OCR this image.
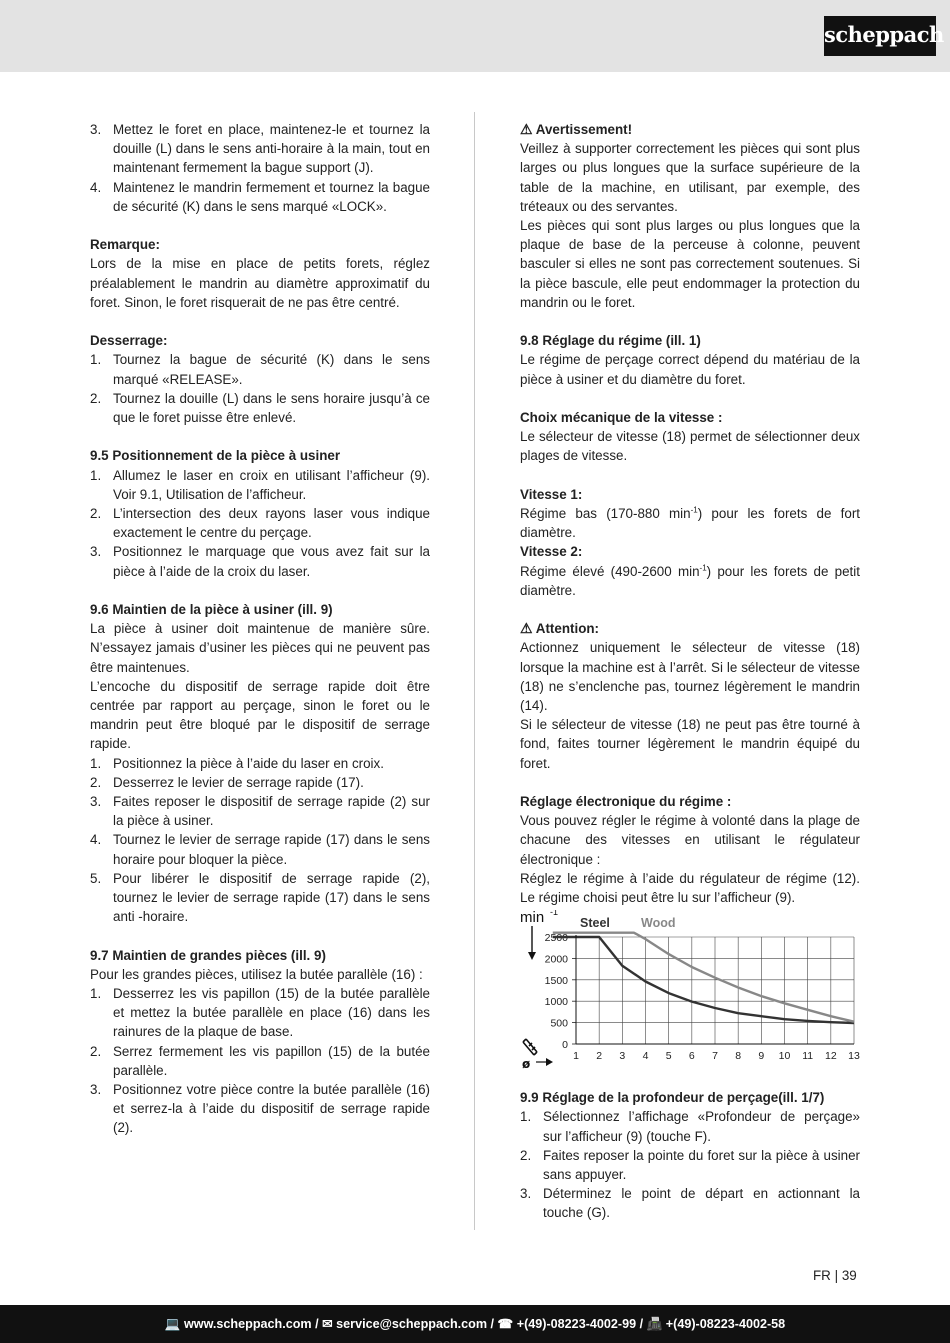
scheppach
3. Mettez le foret en place, maintenez-le et tournez la douille (L) dans le sens anti-horaire à la main, tout en maintenant fermement la bague support (J).
4. Maintenez le mandrin fermement et tournez la bague de sécurité (K) dans le sens marqué «LOCK».

Remarque:

Lors de la mise en place de petits forets, réglez préalablement le mandrin au diamètre approximatif du foret. Sinon, le foret risquerait de ne pas être centré.

Desserrage:

1. Tournez la bague de sécurité (K) dans le sens marqué «RELEASE».
2. Tournez la douille (L) dans le sens horaire jusqu’à ce que le foret puisse être enlevé.

9.5 Positionnement de la pièce à usiner

1. Allumez le laser en croix en utilisant l’afficheur (9). Voir 9.1, Utilisation de l’afficheur.
2. L’intersection des deux rayons laser vous indique exactement le centre du perçage.
3. Positionnez le marquage que vous avez fait sur la pièce à l’aide de la croix du laser.

9.6 Maintien de la pièce à usiner (ill. 9)

La pièce à usiner doit maintenue de manière sûre. N’essayez jamais d’usiner les pièces qui ne peuvent pas être maintenues.

L’encoche du dispositif de serrage rapide doit être centrée par rapport au perçage, sinon le foret ou le mandrin peut être bloqué par le dispositif de serrage rapide.

1. Positionnez la pièce à l’aide du laser en croix.
2. Desserrez le levier de serrage rapide (17).
3. Faites reposer le dispositif de serrage rapide (2) sur la pièce à usiner.
4. Tournez le levier de serrage rapide (17) dans le sens horaire pour bloquer la pièce.
5. Pour libérer le dispositif de serrage rapide (2), tournez le levier de serrage rapide (17) dans le sens anti -horaire.

9.7 Maintien de grandes pièces (ill. 9)

Pour les grandes pièces, utilisez la butée parallèle (16) :

1. Desserrez les vis papillon (15) de la butée parallèle et mettez la butée parallèle en place (16) dans les rainures de la plaque de base.
2. Serrez fermement les vis papillon (15) de la butée parallèle.
3. Positionnez votre pièce contre la butée parallèle (16) et serrez-la à l’aide du dispositif de serrage rapide (2).

⚠ Avertissement!

Veillez à supporter correctement les pièces qui sont plus larges ou plus longues que la surface supérieure de la table de la machine, en utilisant, par exemple, des tréteaux ou des servantes.

Les pièces qui sont plus larges ou plus longues que la plaque de base de la perceuse à colonne, peuvent basculer si elles ne sont pas correctement soutenues. Si la pièce bascule, elle peut endommager la protection du mandrin ou le foret.

9.8 Réglage du régime (ill. 1)

Le régime de perçage correct dépend du matériau de la pièce à usiner et du diamètre du foret.

Choix mécanique de la vitesse :

Le sélecteur de vitesse (18) permet de sélectionner deux plages de vitesse.

Vitesse 1:

Régime bas (170-880 $\min^{-1}$) pour les forets de fort diamètre.

Vitesse 2:

Régime élevé (490-2600 $\min^{-1}$) pour les forets de petit diamètre.

⚠ Attention:

Actionnez uniquement le sélecteur de vitesse (18) lorsque la machine est à l’arrêt. Si le sélecteur de vitesse (18) ne s’enclenche pas, tournez légèrement le mandrin (14).

Si le sélecteur de vitesse (18) ne peut pas être tourné à fond, faites tourner légèrement le mandrin équipé du foret.

Réglage électronique du régime :

Vous pouvez régler le régime à volonté dans la plage de chacune des vitesses en utilisant le régulateur électronique :

Réglez le régime à l’aide du régulateur de régime (12). Le régime choisi peut être lu sur l’afficheur (9).

1 2 3 4 5 6 7 8 9 10 11 12 13
0
500
1000
1500
2000
2500
min -1
ø
Steel Wood

9.9 Réglage de la profondeur de perçage(ill. 1/7)

1. Sélectionnez l’affichage «Profondeur de perçage» sur l’afficheur (9) (touche F).
2. Faites reposer la pointe du foret sur la pièce à usiner sans appuyer.
3. Déterminez le point de départ en actionnant la touche (G).
FR | 39
💻 www.scheppach.com / ✉ service@scheppach.com / ☎ +(49)-08223-4002-99 / 📠 +(49)-08223-4002-58
